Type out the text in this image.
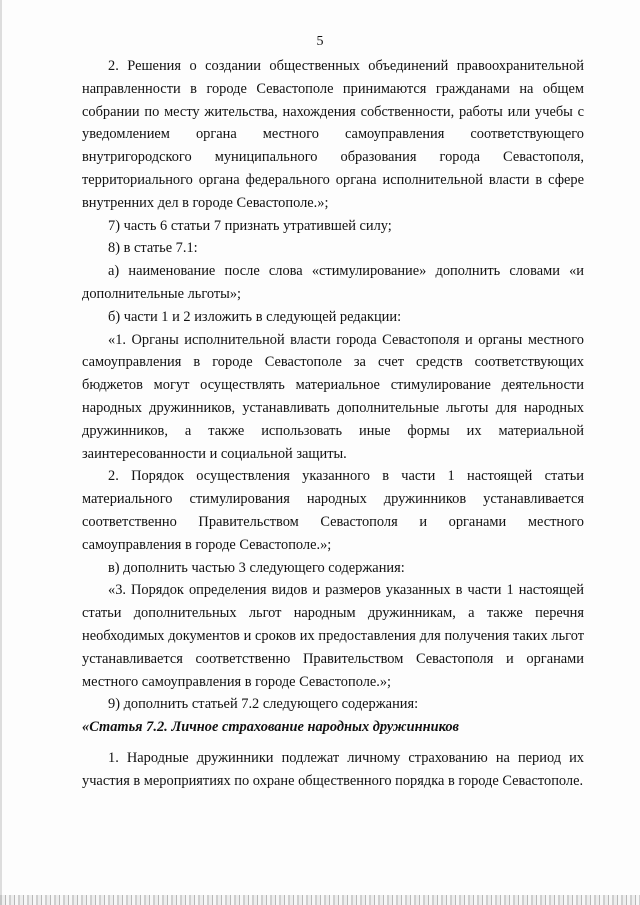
5

2. Решения о создании общественных объединений правоохранительной направленности в городе Севастополе принимаются гражданами на общем собрании по месту жительства, нахождения собственности, работы или учебы с уведомлением органа местного самоуправления соответствующего внутригородского муниципального образования города Севастополя, территориального органа федерального органа исполнительной власти в сфере внутренних дел в городе Севастополе.»;

7) часть 6 статьи 7 признать утратившей силу;

8) в статье 7.1:

а) наименование после слова «стимулирование» дополнить словами «и дополнительные льготы»;

б) части 1 и 2 изложить в следующей редакции:

«1. Органы исполнительной власти города Севастополя и органы местного самоуправления в городе Севастополе за счет средств соответствующих бюджетов могут осуществлять материальное стимулирование деятельности народных дружинников, устанавливать дополнительные льготы для народных дружинников, а также использовать иные формы их материальной заинтересованности и социальной защиты.

2. Порядок осуществления указанного в части 1 настоящей статьи материального стимулирования народных дружинников устанавливается соответственно Правительством Севастополя и органами местного самоуправления в городе Севастополе.»;

в) дополнить частью 3 следующего содержания:

«3. Порядок определения видов и размеров указанных в части 1 настоящей статьи дополнительных льгот народным дружинникам, а также перечня необходимых документов и сроков их предоставления для получения таких льгот устанавливается соответственно Правительством Севастополя и органами местного самоуправления в городе Севастополе.»;

9) дополнить статьей 7.2 следующего содержания:

«Статья 7.2. Личное страхование народных дружинников

1. Народные дружинники подлежат личному страхованию на период их участия в мероприятиях по охране общественного порядка в городе Севастополе.
